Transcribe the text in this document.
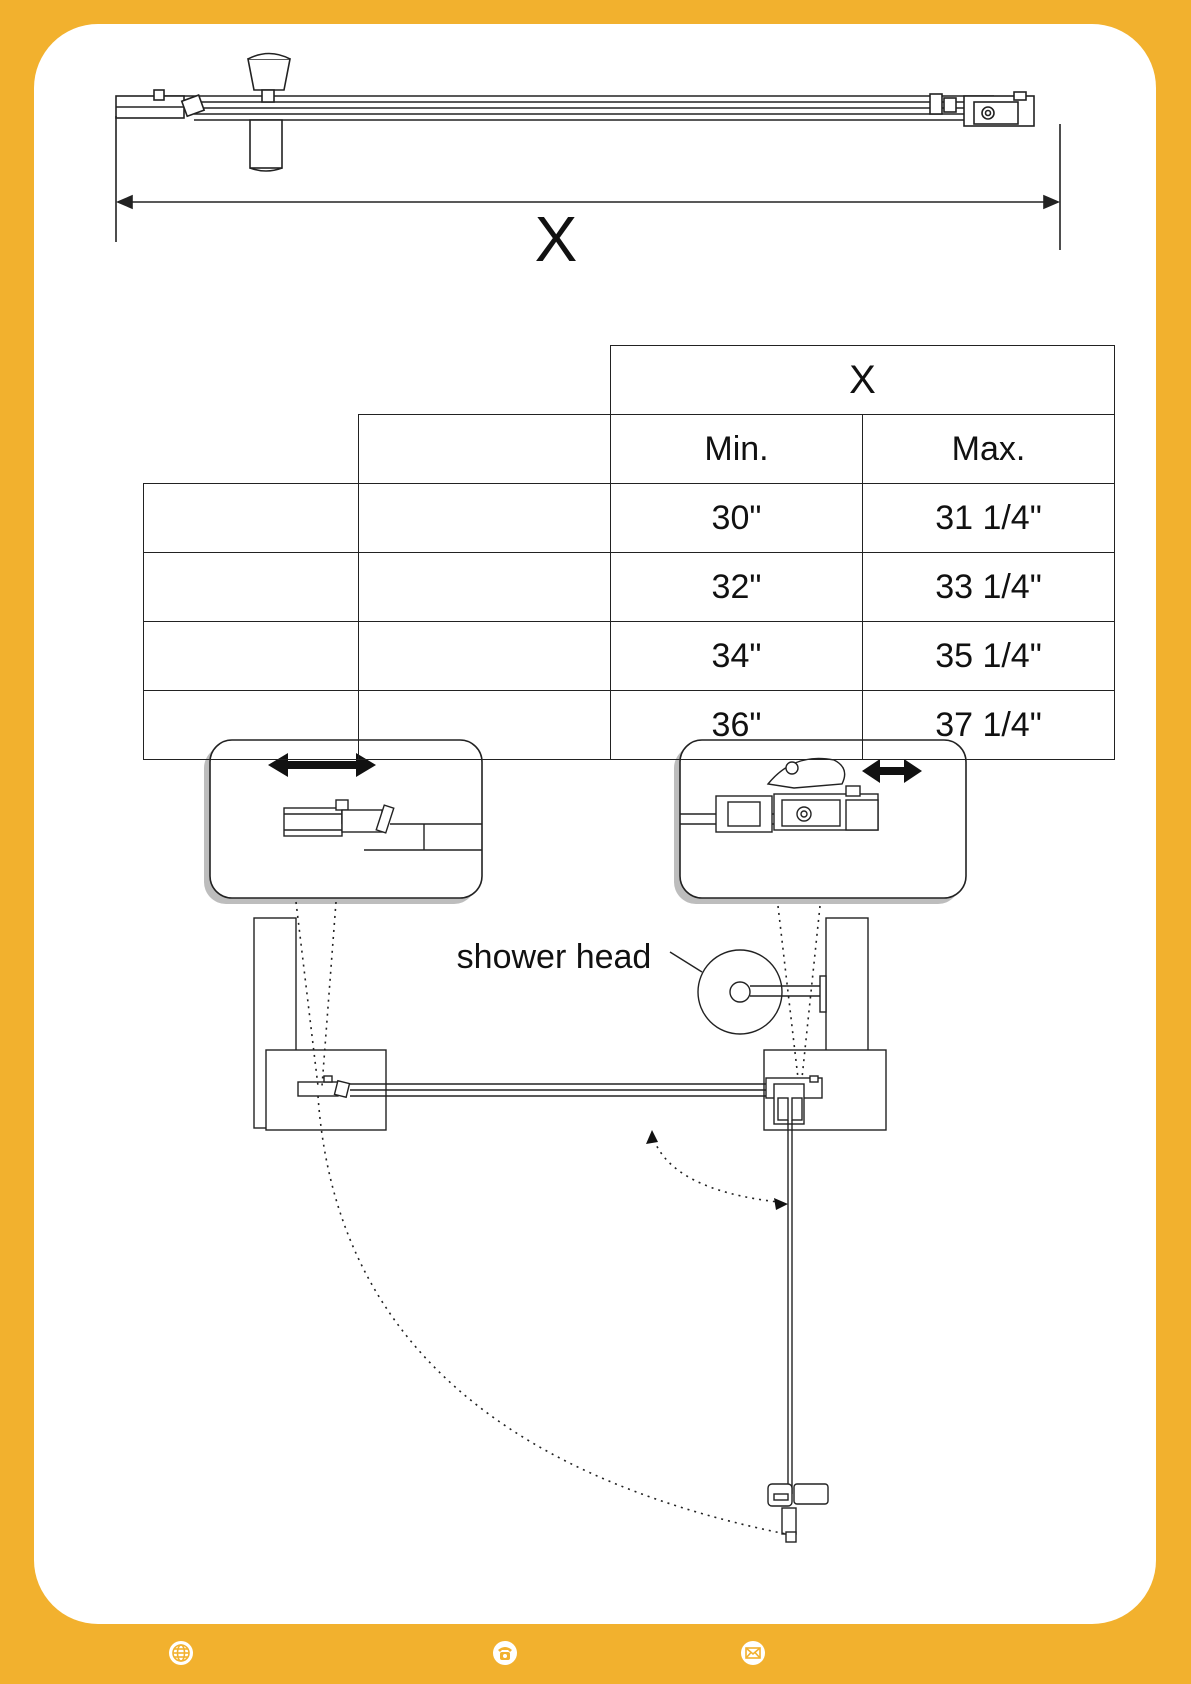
X
shower head
		X	
		Min.	Max.
		30"	31 1/4"
		32"	33 1/4"
		34"	35 1/4"
		36"	37 1/4"
